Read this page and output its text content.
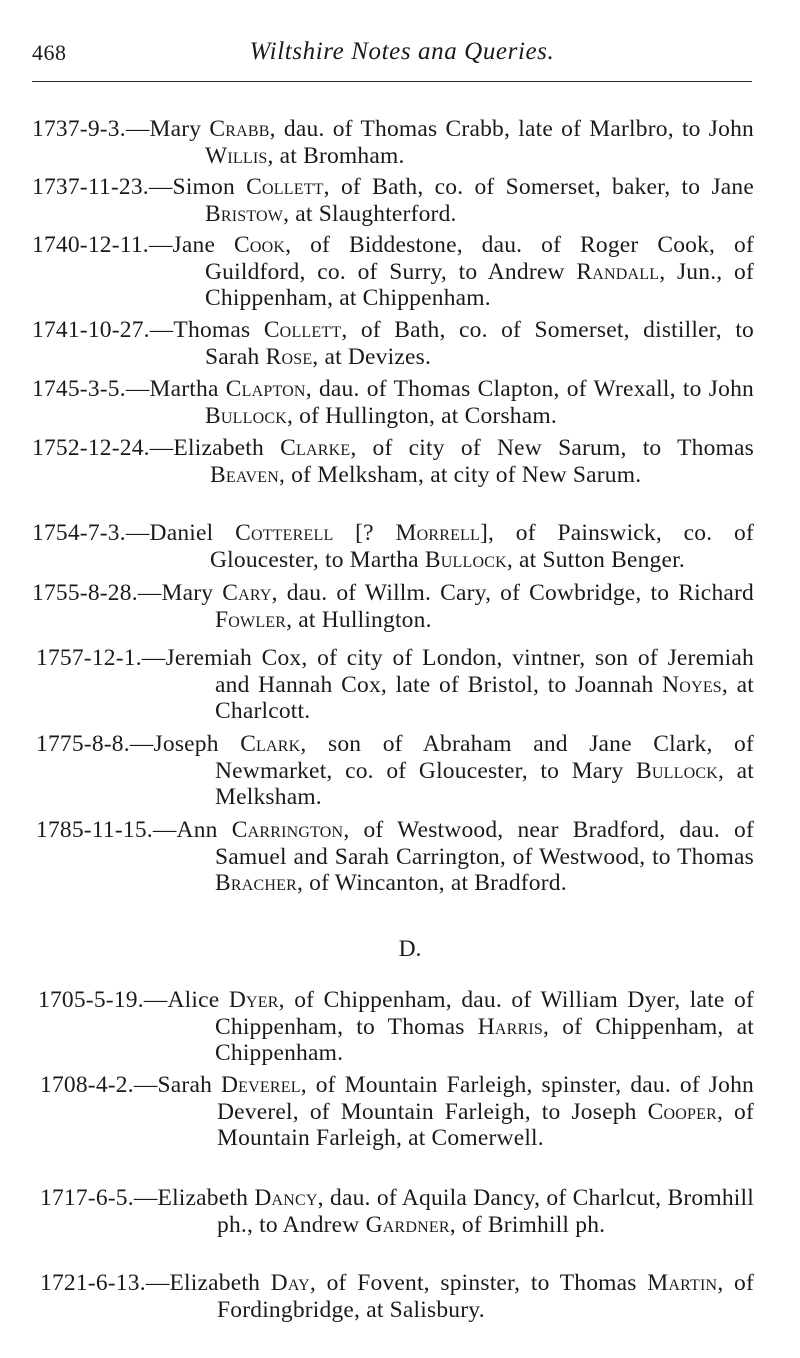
468	Wiltshire Notes ana Queries.
1737-9-3.—Mary Crabb, dau. of Thomas Crabb, late of Marlbro, to John Willis, at Bromham.
1737-11-23.—Simon Collett, of Bath, co. of Somerset, baker, to Jane Bristow, at Slaughterford.
1740-12-11.—Jane Cook, of Biddestone, dau. of Roger Cook, of Guildford, co. of Surry, to Andrew Randall, Jun., of Chippenham, at Chippenham.
1741-10-27.—Thomas Collett, of Bath, co. of Somerset, distiller, to Sarah Rose, at Devizes.
1745-3-5.—Martha Clapton, dau. of Thomas Clapton, of Wrexall, to John Bullock, of Hullington, at Corsham.
1752-12-24.—Elizabeth Clarke, of city of New Sarum, to Thomas Beaven, of Melksham, at city of New Sarum.
1754-7-3.—Daniel Cotterell [? Morrell], of Painswick, co. of Gloucester, to Martha Bullock, at Sutton Benger.
1755-8-28.—Mary Cary, dau. of Willm. Cary, of Cowbridge, to Richard Fowler, at Hullington.
1757-12-1.—Jeremiah Cox, of city of London, vintner, son of Jeremiah and Hannah Cox, late of Bristol, to Joannah Noyes, at Charlcott.
1775-8-8.—Joseph Clark, son of Abraham and Jane Clark, of Newmarket, co. of Gloucester, to Mary Bullock, at Melksham.
1785-11-15.—Ann Carrington, of Westwood, near Bradford, dau. of Samuel and Sarah Carrington, of Westwood, to Thomas Bracher, of Wincanton, at Bradford.
1705-5-19.—Alice Dyer, of Chippenham, dau. of William Dyer, late of Chippenham, to Thomas Harris, of Chippenham, at Chippenham.
1708-4-2.—Sarah Deverel, of Mountain Farleigh, spinster, dau. of John Deverel, of Mountain Farleigh, to Joseph Cooper, of Mountain Farleigh, at Comerwell.
1717-6-5.—Elizabeth Dancy, dau. of Aquila Dancy, of Charlcut, Bromhill ph., to Andrew Gardner, of Brimhill ph.
1721-6-13.—Elizabeth Day, of Fovent, spinster, to Thomas Martin, of Fordingbridge, at Salisbury.
D.
